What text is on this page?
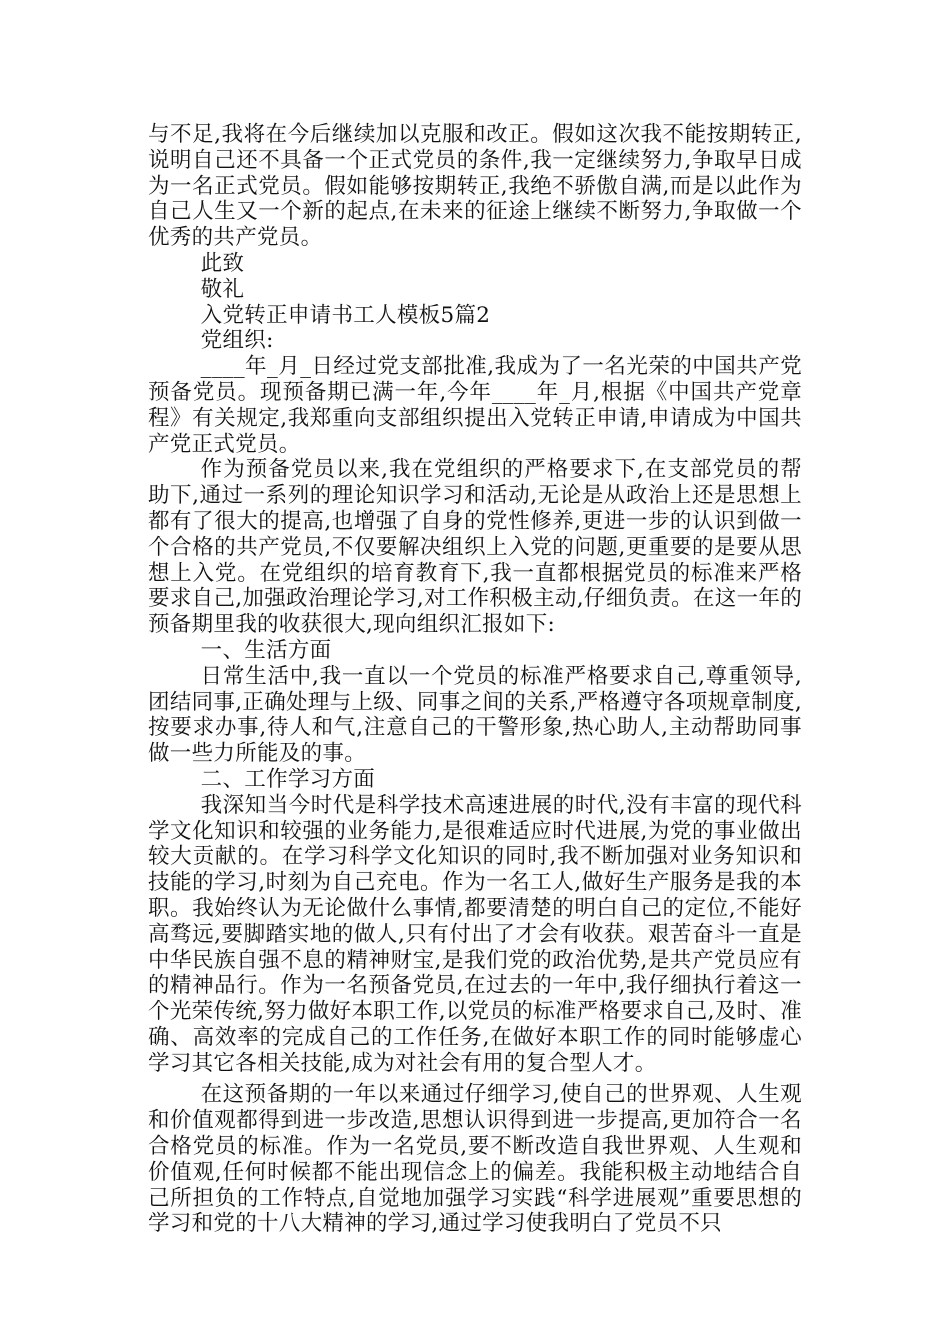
与不足,我将在今后继续加以克服和改正。假如这次我不能按期转正,说明自己还不具备一个正式党员的条件,我一定继续努力,争取早日成为一名正式党员。假如能够按期转正,我绝不骄傲自满,而是以此作为自己人生又一个新的起点,在未来的征途上继续不断努力,争取做一个优秀的共产党员。

此致

敬礼

入党转正申请书工人模板5篇2

党组织:

____年_月_日经过党支部批准,我成为了一名光荣的中国共产党预备党员。现预备期已满一年,今年____年_月,根据《中国共产党章程》有关规定,我郑重向支部组织提出入党转正申请,申请成为中国共产党正式党员。

作为预备党员以来,我在党组织的严格要求下,在支部党员的帮助下,通过一系列的理论知识学习和活动,无论是从政治上还是思想上都有了很大的提高,也增强了自身的党性修养,更进一步的认识到做一个合格的共产党员,不仅要解决组织上入党的问题,更重要的是要从思想上入党。在党组织的培育教育下,我一直都根据党员的标准来严格要求自己,加强政治理论学习,对工作积极主动,仔细负责。在这一年的预备期里我的收获很大,现向组织汇报如下:

一、生活方面

日常生活中,我一直以一个党员的标准严格要求自己,尊重领导,团结同事,正确处理与上级、同事之间的关系,严格遵守各项规章制度,按要求办事,待人和气,注意自己的干警形象,热心助人,主动帮助同事做一些力所能及的事。

二、工作学习方面

我深知当今时代是科学技术高速进展的时代,没有丰富的现代科学文化知识和较强的业务能力,是很难适应时代进展,为党的事业做出较大贡献的。在学习科学文化知识的同时,我不断加强对业务知识和技能的学习,时刻为自己充电。作为一名工人,做好生产服务是我的本职。我始终认为无论做什么事情,都要清楚的明白自己的定位,不能好高骛远,要脚踏实地的做人,只有付出了才会有收获。艰苦奋斗一直是中华民族自强不息的精神财宝,是我们党的政治优势,是共产党员应有的精神品行。作为一名预备党员,在过去的一年中,我仔细执行着这一个光荣传统,努力做好本职工作,以党员的标准严格要求自己,及时、准确、高效率的完成自己的工作任务,在做好本职工作的同时能够虚心学习其它各相关技能,成为对社会有用的复合型人才。

在这预备期的一年以来通过仔细学习,使自己的世界观、人生观和价值观都得到进一步改造,思想认识得到进一步提高,更加符合一名合格党员的标准。作为一名党员,要不断改造自我世界观、人生观和价值观,任何时候都不能出现信念上的偏差。我能积极主动地结合自己所担负的工作特点,自觉地加强学习实践“科学进展观”重要思想的学习和党的十八大精神的学习,通过学习使我明白了党员不只
